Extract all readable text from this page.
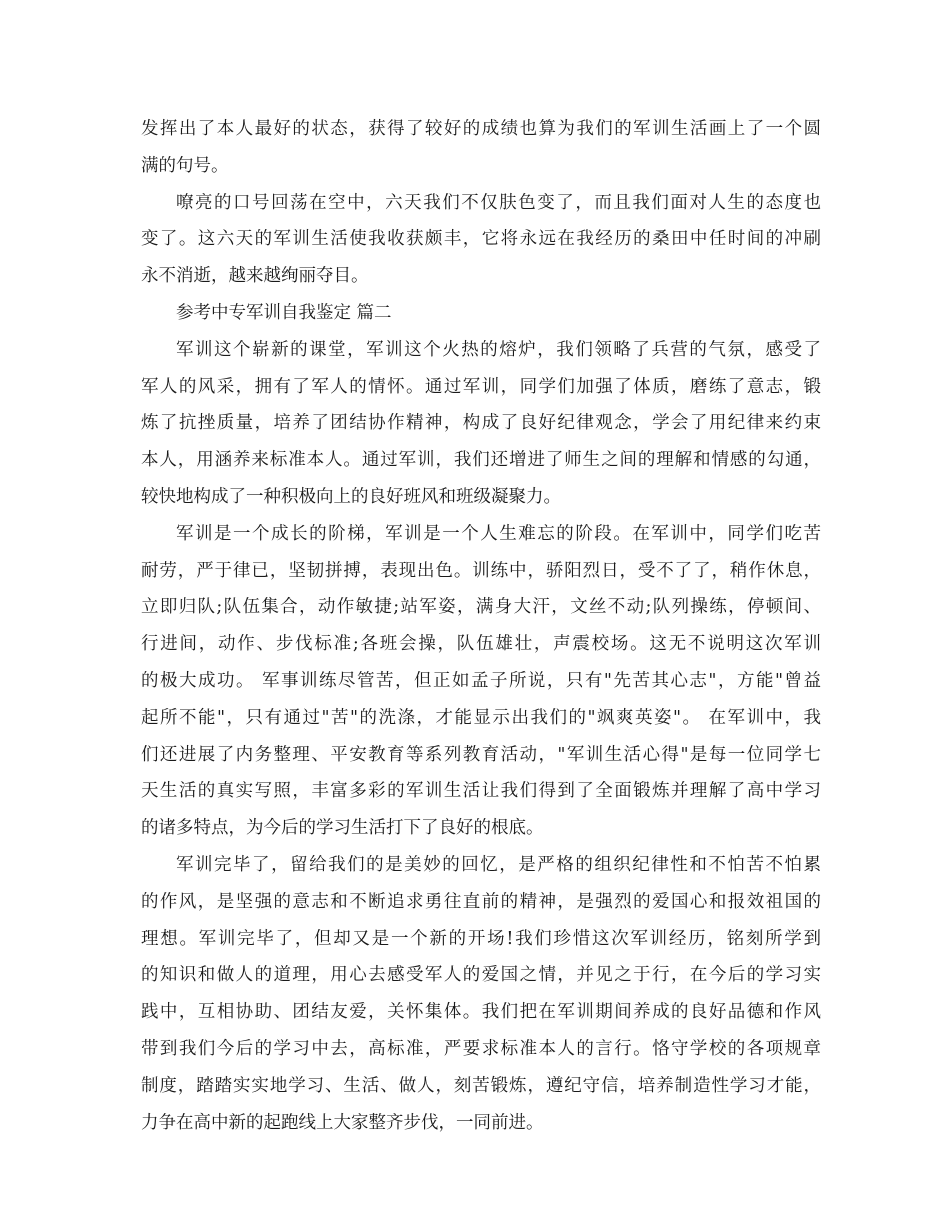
发挥出了本人最好的状态，获得了较好的成绩也算为我们的军训生活画上了一个圆
满的句号。
嘹亮的口号回荡在空中，六天我们不仅肤色变了，而且我们面对人生的态度也
变了。这六天的军训生活使我收获颇丰，它将永远在我经历的桑田中任时间的冲刷
永不消逝，越来越绚丽夺目。
参考中专军训自我鉴定 篇二
军训这个崭新的课堂，军训这个火热的熔炉，我们领略了兵营的气氛，感受了
军人的风采，拥有了军人的情怀。通过军训，同学们加强了体质，磨练了意志，锻
炼了抗挫质量，培养了团结协作精神，构成了良好纪律观念，学会了用纪律来约束
本人，用涵养来标准本人。通过军训，我们还增进了师生之间的理解和情感的勾通，
较快地构成了一种积极向上的良好班风和班级凝聚力。
军训是一个成长的阶梯，军训是一个人生难忘的阶段。在军训中，同学们吃苦
耐劳，严于律已，坚韧拼搏，表现出色。训练中，骄阳烈日，受不了了，稍作休息，
立即归队;队伍集合，动作敏捷;站军姿，满身大汗，文丝不动;队列操练，停顿间、
行进间，动作、步伐标准;各班会操，队伍雄壮，声震校场。这无不说明这次军训
的极大成功。 军事训练尽管苦，但正如孟子所说，只有"先苦其心志"，方能"曾益
起所不能"，只有通过"苦"的洗涤，才能显示出我们的"飒爽英姿"。 在军训中，我
们还进展了内务整理、平安教育等系列教育活动，"军训生活心得"是每一位同学七
天生活的真实写照，丰富多彩的军训生活让我们得到了全面锻炼并理解了高中学习
的诸多特点，为今后的学习生活打下了良好的根底。
军训完毕了，留给我们的是美妙的回忆，是严格的组织纪律性和不怕苦不怕累
的作风，是坚强的意志和不断追求勇往直前的精神，是强烈的爱国心和报效祖国的
理想。军训完毕了，但却又是一个新的开场!我们珍惜这次军训经历，铭刻所学到
的知识和做人的道理，用心去感受军人的爱国之情，并见之于行，在今后的学习实
践中，互相协助、团结友爱，关怀集体。我们把在军训期间养成的良好品德和作风
带到我们今后的学习中去，高标准，严要求标准本人的言行。恪守学校的各项规章
制度，踏踏实实地学习、生活、做人，刻苦锻炼，遵纪守信，培养制造性学习才能，
力争在高中新的起跑线上大家整齐步伐，一同前进。
